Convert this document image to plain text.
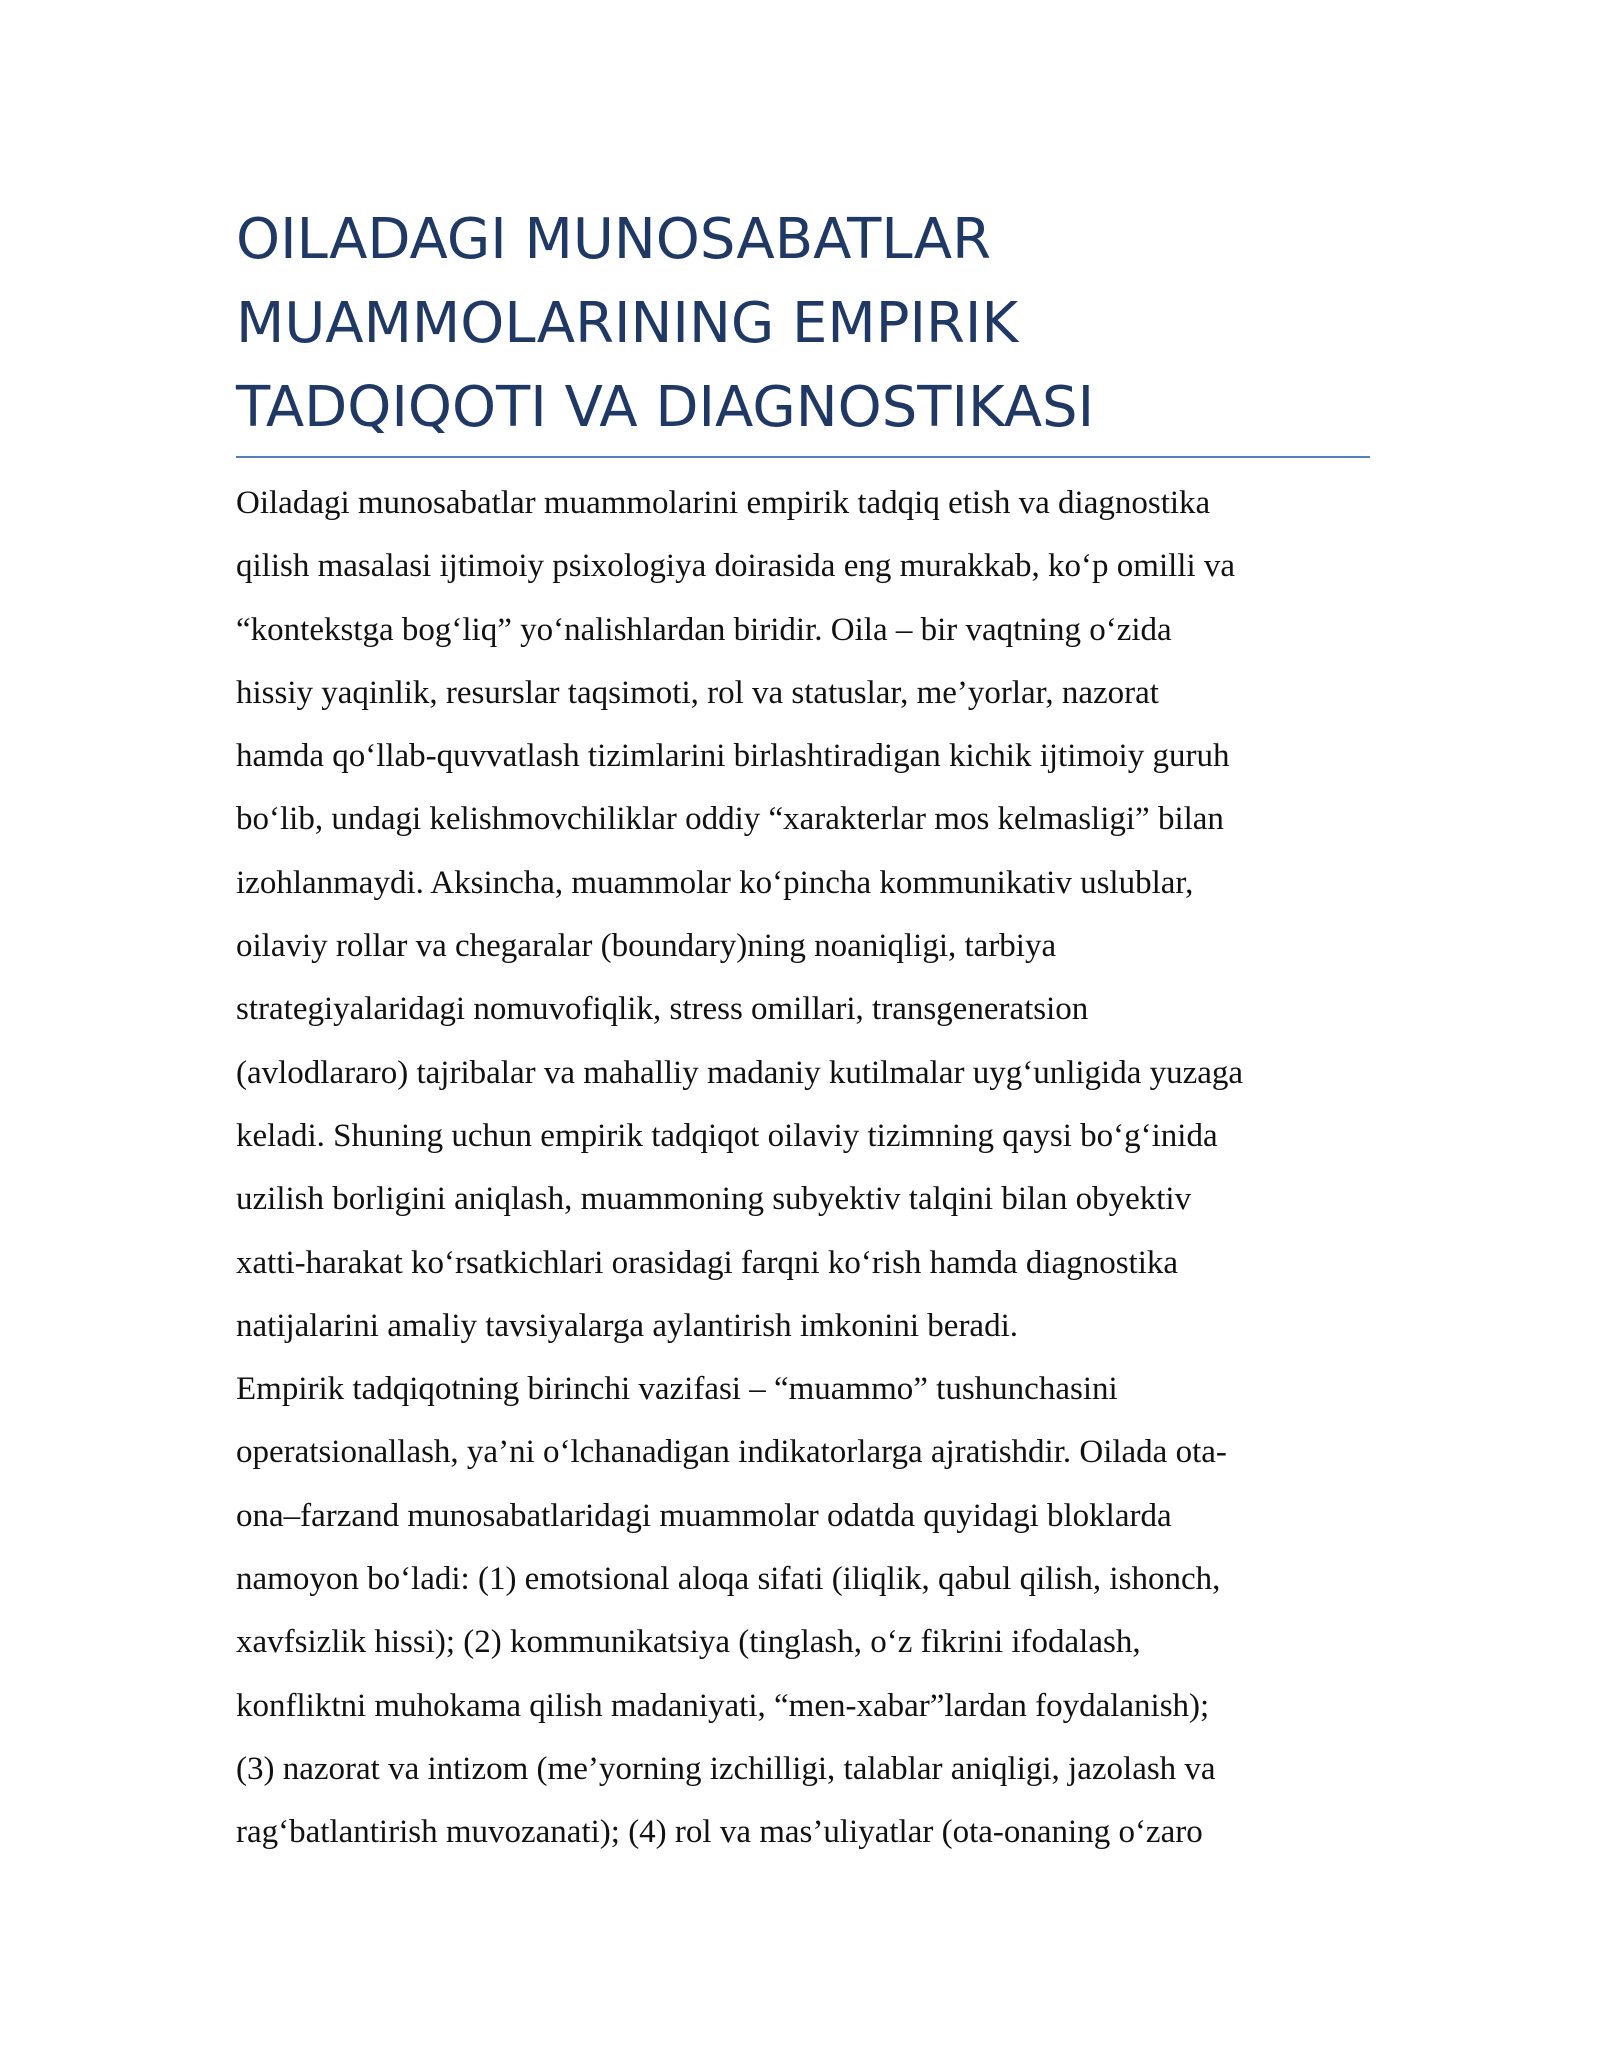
OILADAGI MUNOSABATLAR
MUAMMOLARINING EMPIRIK
TADQIQOTI VA DIAGNOSTIKASI
Oiladagi munosabatlar muammolarini empirik tadqiq etish va diagnostika
qilish masalasi ijtimoiy psixologiya doirasida eng murakkab, koʻp omilli va
“kontekstga bogʻliq” yoʻnalishlardan biridir. Oila – bir vaqtning oʻzida
hissiy yaqinlik, resurslar taqsimoti, rol va statuslar, me’yorlar, nazorat
hamda qoʻllab-quvvatlash tizimlarini birlashtiradigan kichik ijtimoiy guruh
boʻlib, undagi kelishmovchiliklar oddiy “xarakterlar mos kelmasligi” bilan
izohlanmaydi. Aksincha, muammolar koʻpincha kommunikativ uslublar,
oilaviy rollar va chegaralar (boundary)ning noaniqligi, tarbiya
strategiyalaridagi nomuvofiqlik, stress omillari, transgeneratsion
(avlodlararo) tajribalar va mahalliy madaniy kutilmalar uygʻunligida yuzaga
keladi. Shuning uchun empirik tadqiqot oilaviy tizimning qaysi boʻgʻinida
uzilish borligini aniqlash, muammoning subyektiv talqini bilan obyektiv
xatti-harakat koʻrsatkichlari orasidagi farqni koʻrish hamda diagnostika
natijalarini amaliy tavsiyalarga aylantirish imkonini beradi.
Empirik tadqiqotning birinchi vazifasi – “muammo” tushunchasini
operatsionallash, ya’ni oʻlchanadigan indikatorlarga ajratishdir. Oilada ota-
ona–farzand munosabatlaridagi muammolar odatda quyidagi bloklarda
namoyon boʻladi: (1) emotsional aloqa sifati (iliqlik, qabul qilish, ishonch,
xavfsizlik hissi); (2) kommunikatsiya (tinglash, oʻz fikrini ifodalash,
konfliktni muhokama qilish madaniyati, “men-xabar”lardan foydalanish);
(3) nazorat va intizom (me’yorning izchilligi, talablar aniqligi, jazolash va
ragʻbatlantirish muvozanati); (4) rol va mas’uliyatlar (ota-onaning oʻzaro
